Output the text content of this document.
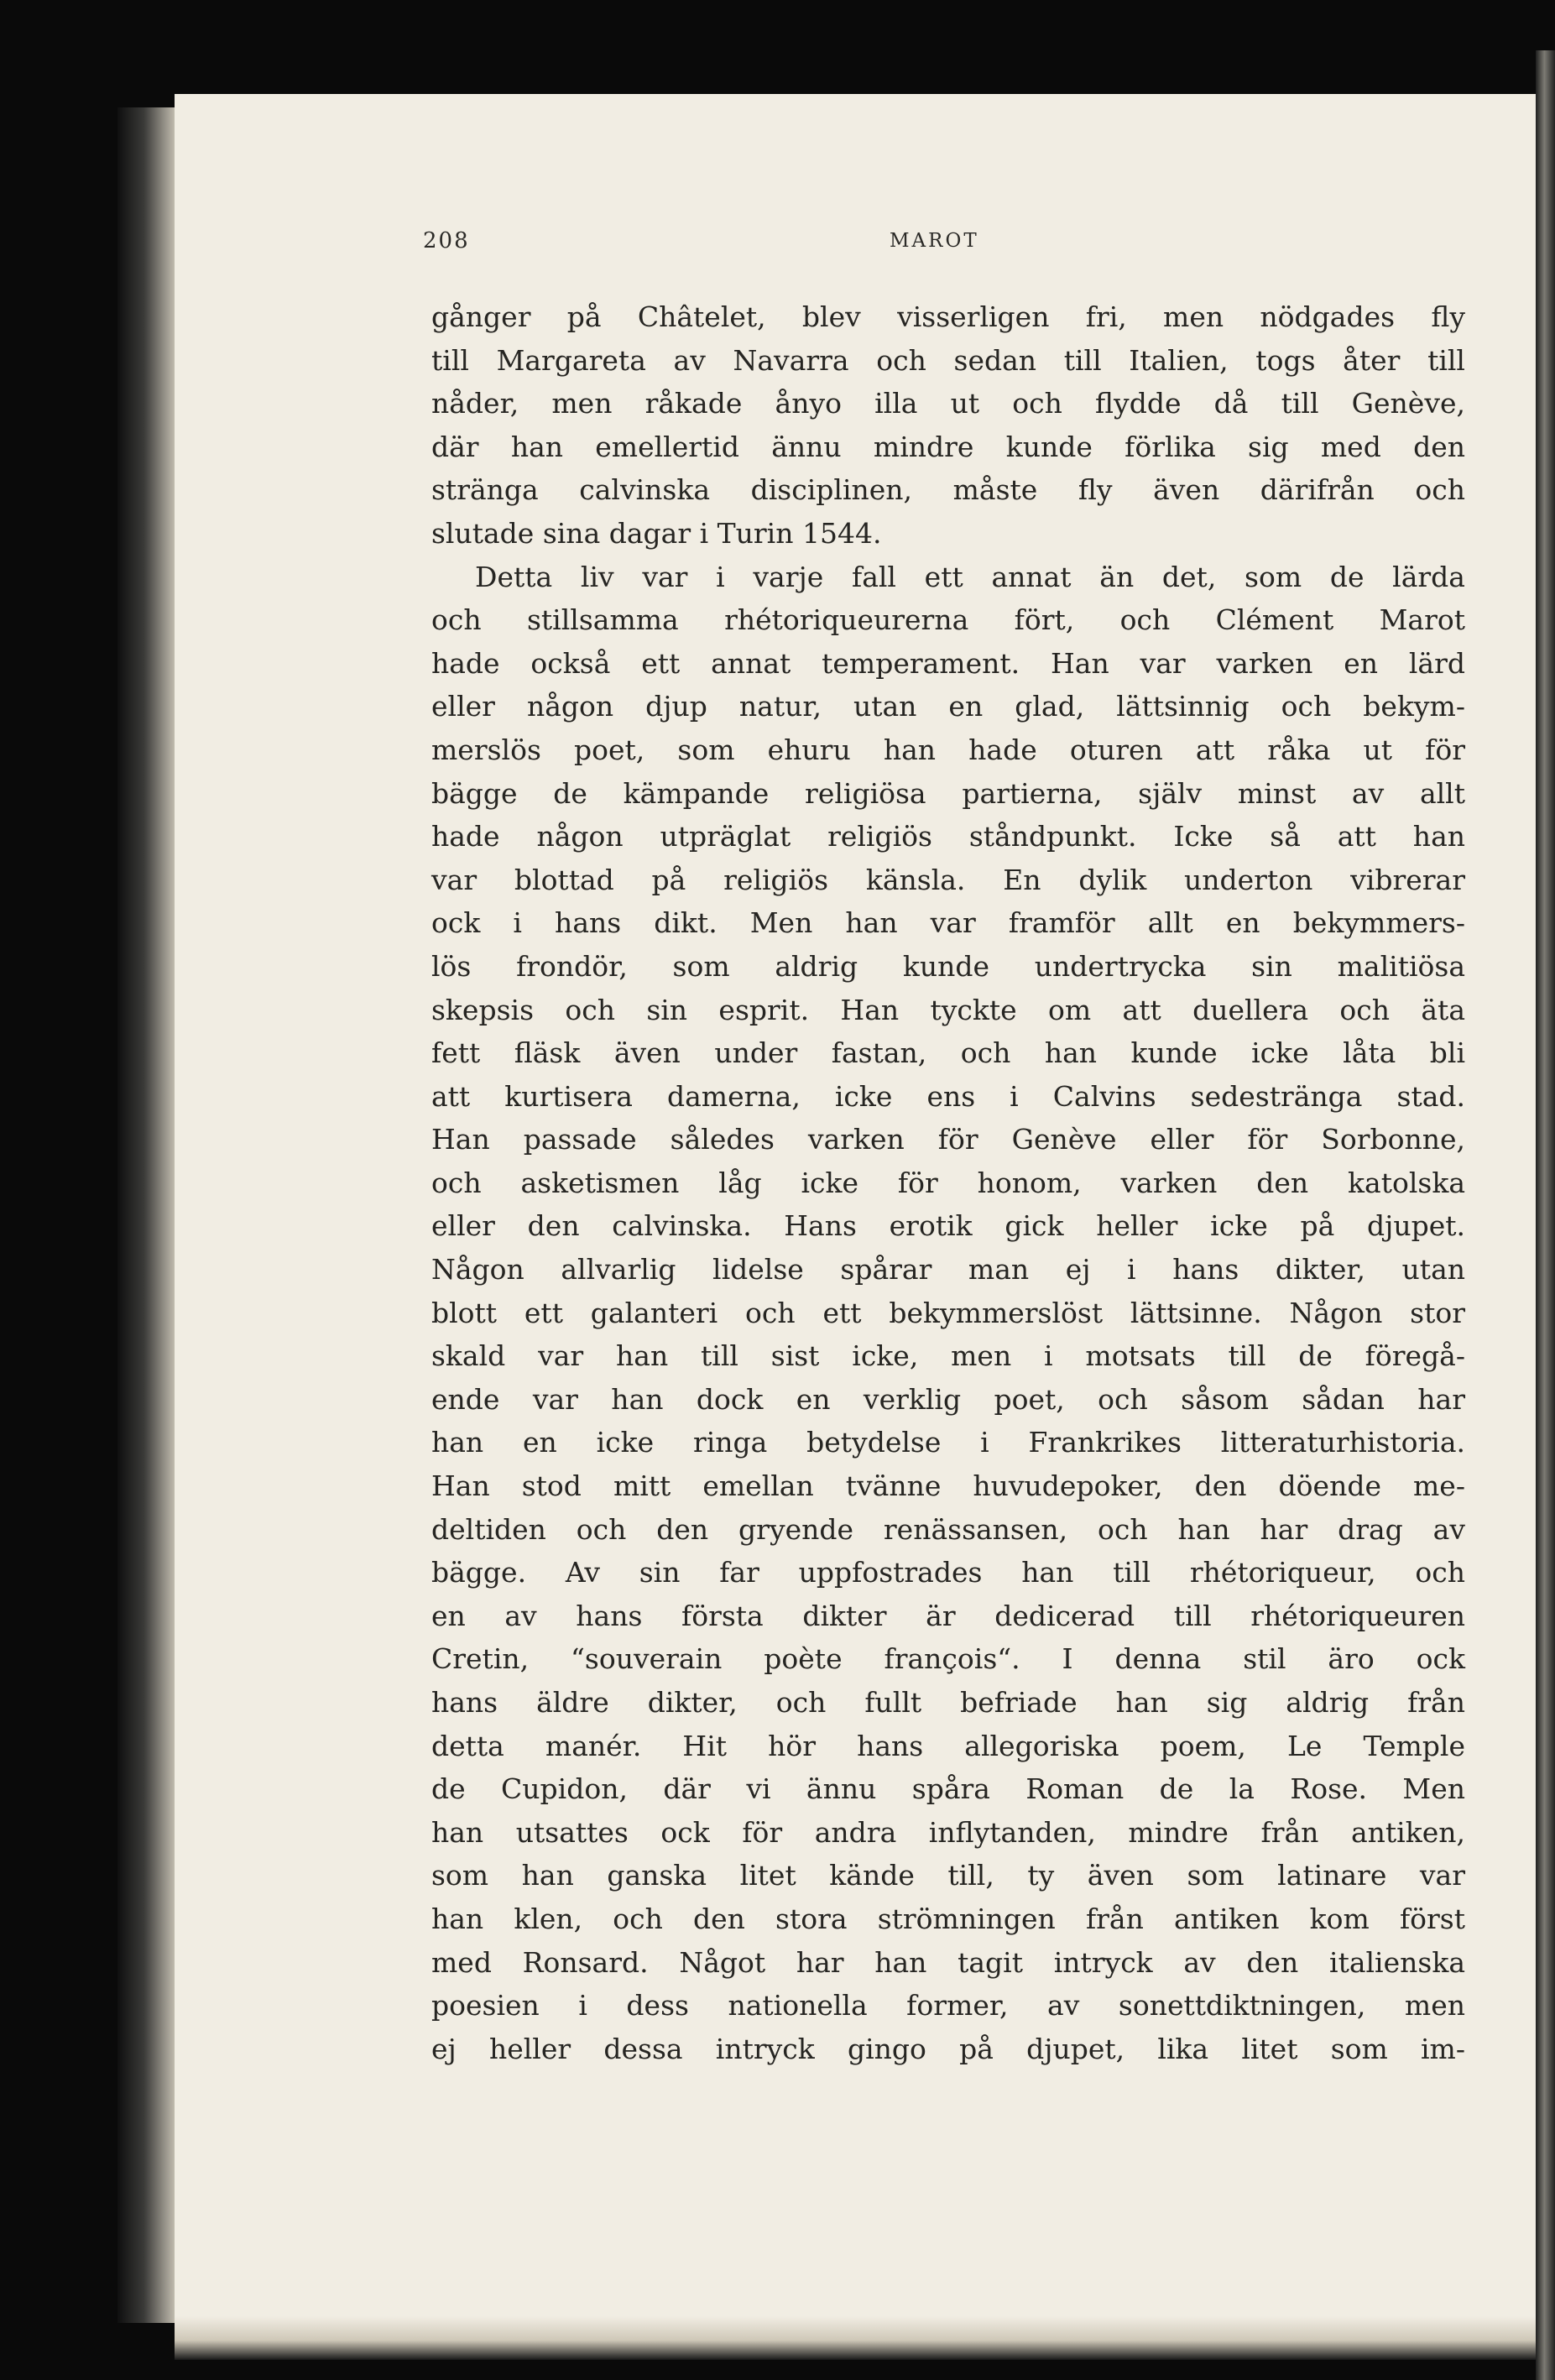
208	MAROT
gånger på Châtelet, blev visserligen fri, men nödgades fly
till Margareta av Navarra och sedan till Italien, togs åter till
nåder, men råkade ånyo illa ut och flydde då till Genève,
där han emellertid ännu mindre kunde förlika sig med den
stränga calvinska disciplinen, måste fly även därifrån och
slutade sina dagar i Turin 1544.
Detta liv var i varje fall ett annat än det, som de lärda
och stillsamma rhétoriqueurerna fört, och Clément Marot
hade också ett annat temperament. Han var varken en lärd
eller någon djup natur, utan en glad, lättsinnig och bekym-
merslös poet, som ehuru han hade oturen att råka ut för
bägge de kämpande religiösa partierna, själv minst av allt
hade någon utpräglat religiös ståndpunkt. Icke så att han
var blottad på religiös känsla. En dylik underton vibrerar
ock i hans dikt. Men han var framför allt en bekymmers-
lös frondör, som aldrig kunde undertrycka sin malitiösa
skepsis och sin esprit. Han tyckte om att duellera och äta
fett fläsk även under fastan, och han kunde icke låta bli
att kurtisera damerna, icke ens i Calvins sedestränga stad.
Han passade således varken för Genève eller för Sorbonne,
och asketismen låg icke för honom, varken den katolska
eller den calvinska. Hans erotik gick heller icke på djupet.
Någon allvarlig lidelse spårar man ej i hans dikter, utan
blott ett galanteri och ett bekymmerslöst lättsinne. Någon stor
skald var han till sist icke, men i motsats till de föregå-
ende var han dock en verklig poet, och såsom sådan har
han en icke ringa betydelse i Frankrikes litteraturhistoria.
Han stod mitt emellan tvänne huvudepoker, den döende me-
deltiden och den gryende renässansen, och han har drag av
bägge. Av sin far uppfostrades han till rhétoriqueur, och
en av hans första dikter är dedicerad till rhétoriqueuren
Cretin, “souverain poète françois“. I denna stil äro ock
hans äldre dikter, och fullt befriade han sig aldrig från
detta manér. Hit hör hans allegoriska poem, Le Temple
de Cupidon, där vi ännu spåra Roman de la Rose. Men
han utsattes ock för andra inflytanden, mindre från antiken,
som han ganska litet kände till, ty även som latinare var
han klen, och den stora strömningen från antiken kom först
med Ronsard. Något har han tagit intryck av den italienska
poesien i dess nationella former, av sonettdiktningen, men
ej heller dessa intryck gingo på djupet, lika litet som im-
